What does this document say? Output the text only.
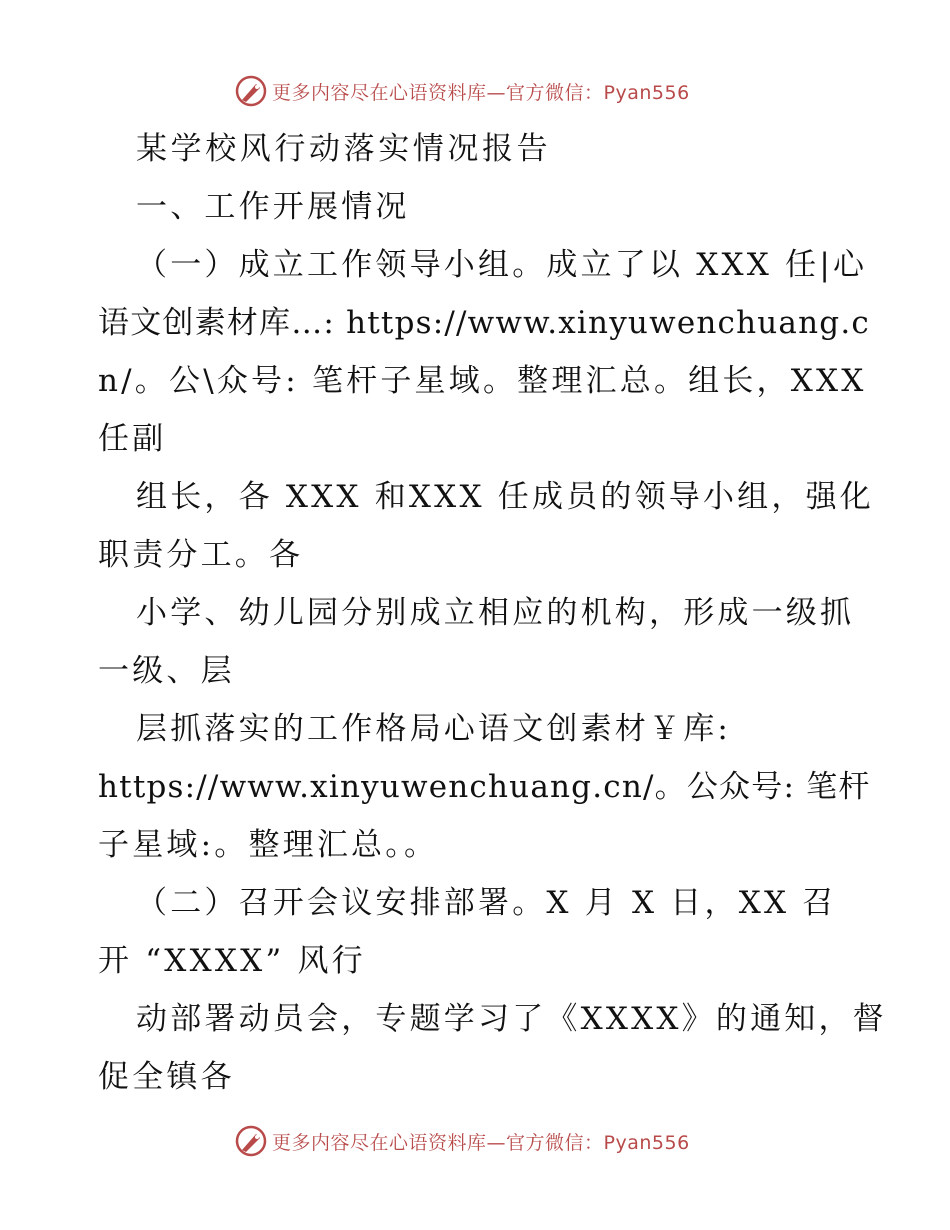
更多内容尽在心语资料库—官方微信：Pyan556
某学校风行动落实情况报告
一、工作开展情况
（一）成立工作领导小组。成立了以 XXX 任|心
语文创素材库…: https://www.xinyuwenchuang.c
n/。公\众号: 笔杆子星域。整理汇总。组长，XXX
任副
组长，各 XXX 和XXX 任成员的领导小组，强化
职责分工。各
小学、幼儿园分别成立相应的机构，形成一级抓
一级、层
层抓落实的工作格局心语文创素材￥库:
https://www.xinyuwenchuang.cn/。公众号: 笔杆
子星域:。整理汇总。。
（二）召开会议安排部署。X 月 X 日，XX 召
开 “XXXX” 风行
动部署动员会，专题学习了《XXXX》的通知，督
促全镇各
更多内容尽在心语资料库—官方微信：Pyan556
